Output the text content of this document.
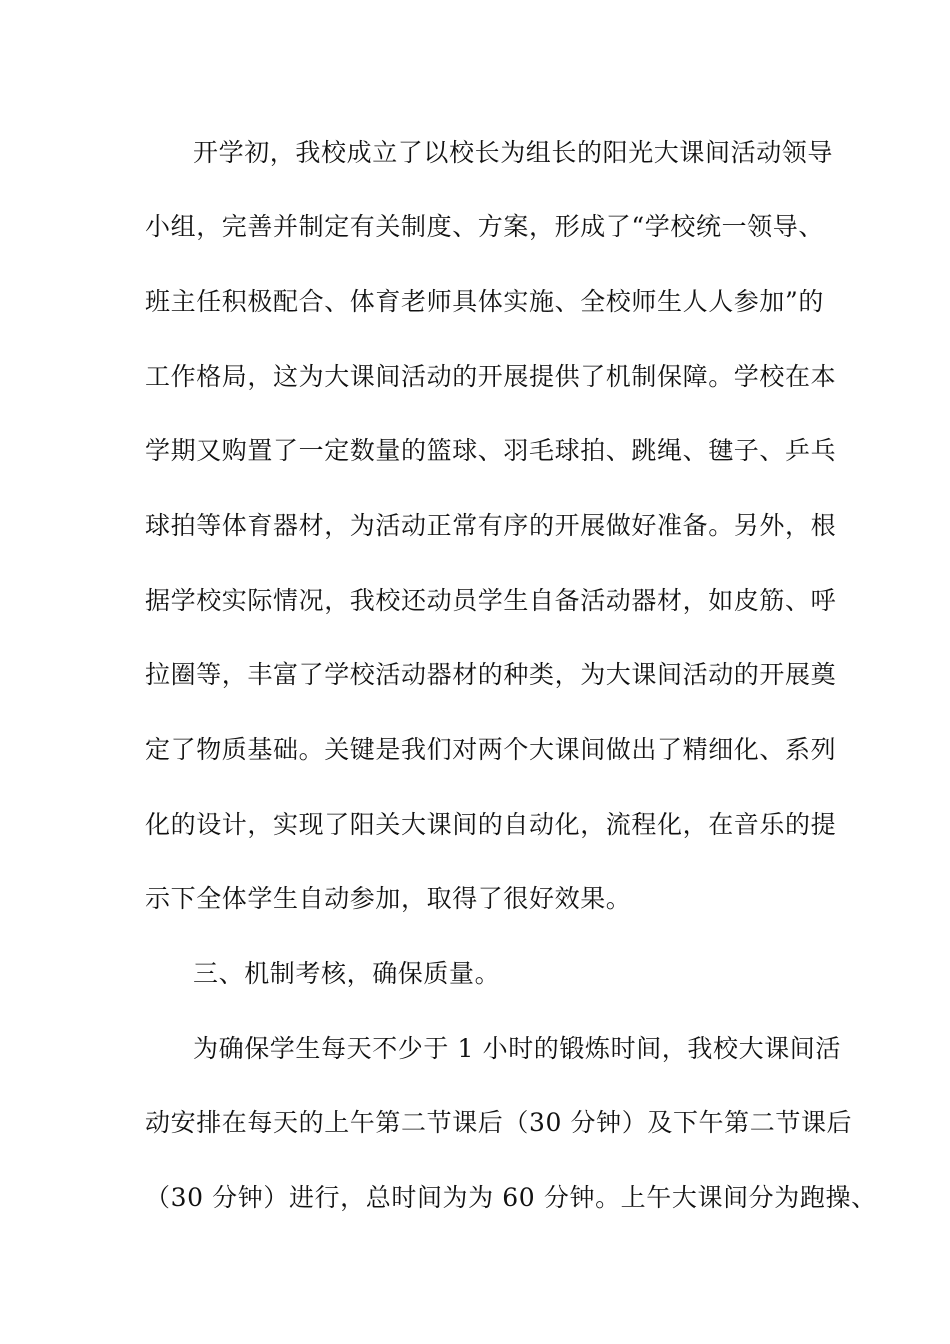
开学初，我校成立了以校长为组长的阳光大课间活动领导
小组，完善并制定有关制度、方案，形成了“学校统一领导、
班主任积极配合、体育老师具体实施、全校师生人人参加”的
工作格局，这为大课间活动的开展提供了机制保障。学校在本
学期又购置了一定数量的篮球、羽毛球拍、跳绳、毽子、乒乓
球拍等体育器材，为活动正常有序的开展做好准备。另外，根
据学校实际情况，我校还动员学生自备活动器材，如皮筋、呼
拉圈等，丰富了学校活动器材的种类，为大课间活动的开展奠
定了物质基础。关键是我们对两个大课间做出了精细化、系列
化的设计，实现了阳关大课间的自动化，流程化，在音乐的提
示下全体学生自动参加，取得了很好效果。
三、机制考核，确保质量。
为确保学生每天不少于 1 小时的锻炼时间，我校大课间活
动安排在每天的上午第二节课后（30 分钟）及下午第二节课后
（30 分钟）进行，总时间为为 60 分钟。上午大课间分为跑操、
